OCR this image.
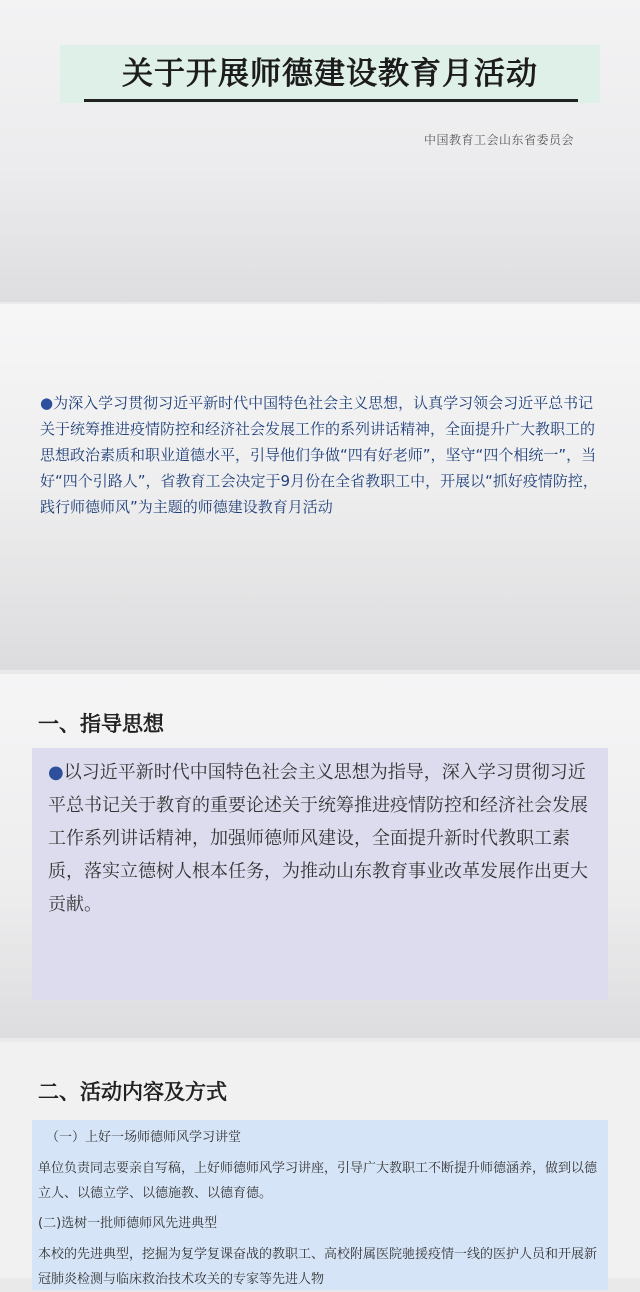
关于开展师德建设教育月活动
中国教育工会山东省委员会

●为深入学习贯彻习近平新时代中国特色社会主义思想，认真学习领会习近平总书记关于统筹推进疫情防控和经济社会发展工作的系列讲话精神，全面提升广大教职工的思想政治素质和职业道德水平，引导他们争做“四有好老师”，坚守“四个相统一”，当好“四个引路人”，省教育工会决定于9月份在全省教职工中，开展以“抓好疫情防控，践行师德师风”为主题的师德建设教育月活动

一、指导思想

●以习近平新时代中国特色社会主义思想为指导，深入学习贯彻习近平总书记关于教育的重要论述关于统筹推进疫情防控和经济社会发展工作系列讲话精神，加强师德师风建设，全面提升新时代教职工素质，落实立德树人根本任务，为推动山东教育事业改革发展作出更大贡献。

二、活动内容及方式

（一）上好一场师德师风学习讲堂

单位负责同志要亲自写稿，上好师德师风学习讲座，引导广大教职工不断提升师德涵养，做到以德立人、以德立学、以德施教、以德育德。

(二)选树一批师德师风先进典型

本校的先进典型，挖掘为复学复课奋战的教职工、高校附属医院驰援疫情一线的医护人员和开展新冠肺炎检测与临床救治技术攻关的专家等先进人物
